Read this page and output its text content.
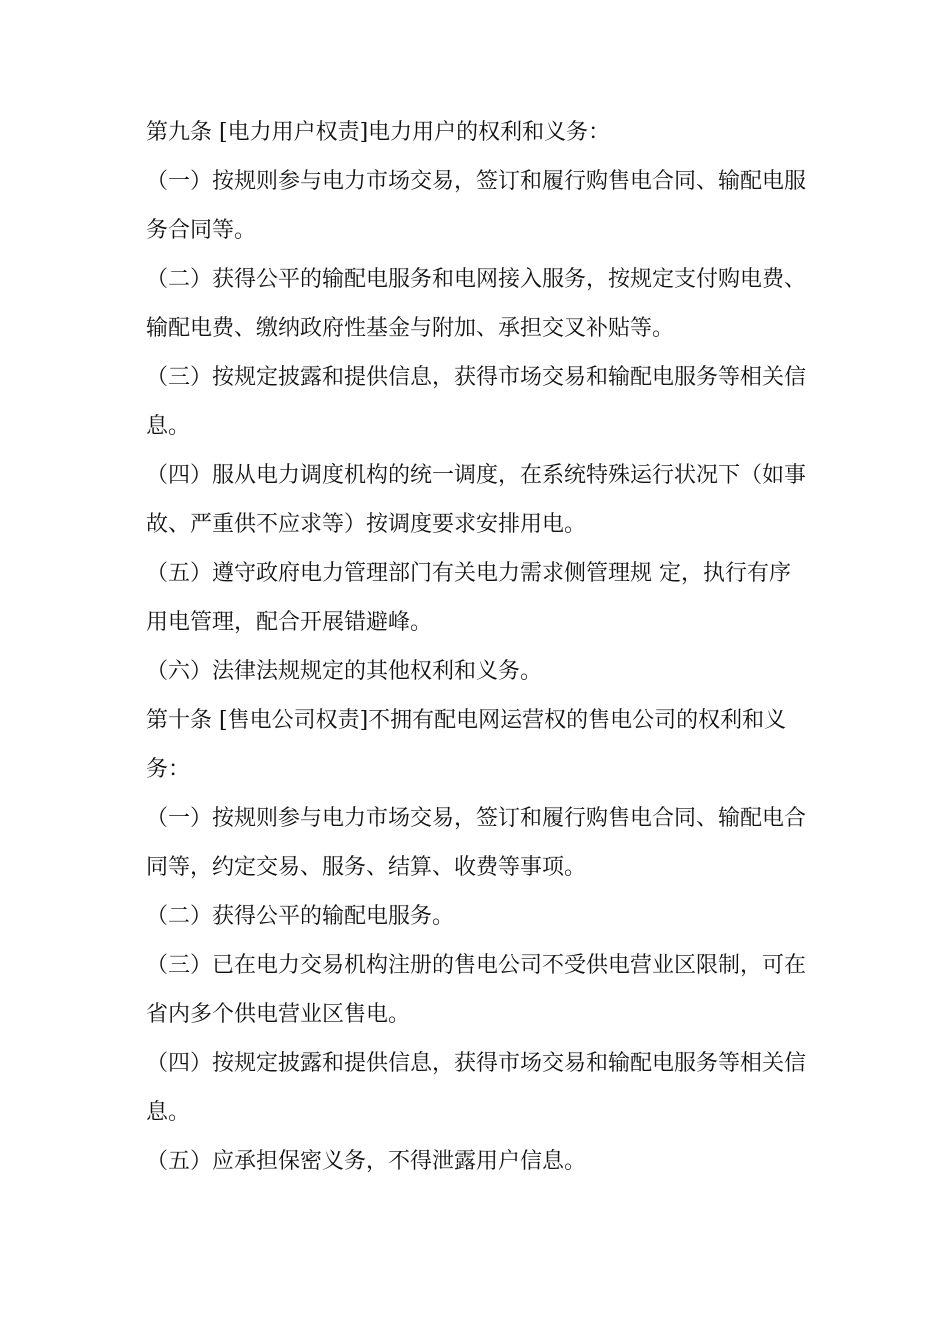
第九条 [电力用户权责]电力用户的权利和义务：

（一）按规则参与电力市场交易，签订和履行购售电合同、输配电服务合同等。

（二）获得公平的输配电服务和电网接入服务，按规定支付购电费、输配电费、缴纳政府性基金与附加、承担交叉补贴等。

（三）按规定披露和提供信息，获得市场交易和输配电服务等相关信息。

（四）服从电力调度机构的统一调度，在系统特殊运行状况下（如事故、严重供不应求等）按调度要求安排用电。

（五）遵守政府电力管理部门有关电力需求侧管理规 定，执行有序用电管理，配合开展错避峰。

（六）法律法规规定的其他权利和义务。

第十条 [售电公司权责]不拥有配电网运营权的售电公司的权利和义务：

（一）按规则参与电力市场交易，签订和履行购售电合同、输配电合同等，约定交易、服务、结算、收费等事项。

（二）获得公平的输配电服务。

（三）已在电力交易机构注册的售电公司不受供电营业区限制，可在省内多个供电营业区售电。

（四）按规定披露和提供信息，获得市场交易和输配电服务等相关信息。

（五）应承担保密义务，不得泄露用户信息。
